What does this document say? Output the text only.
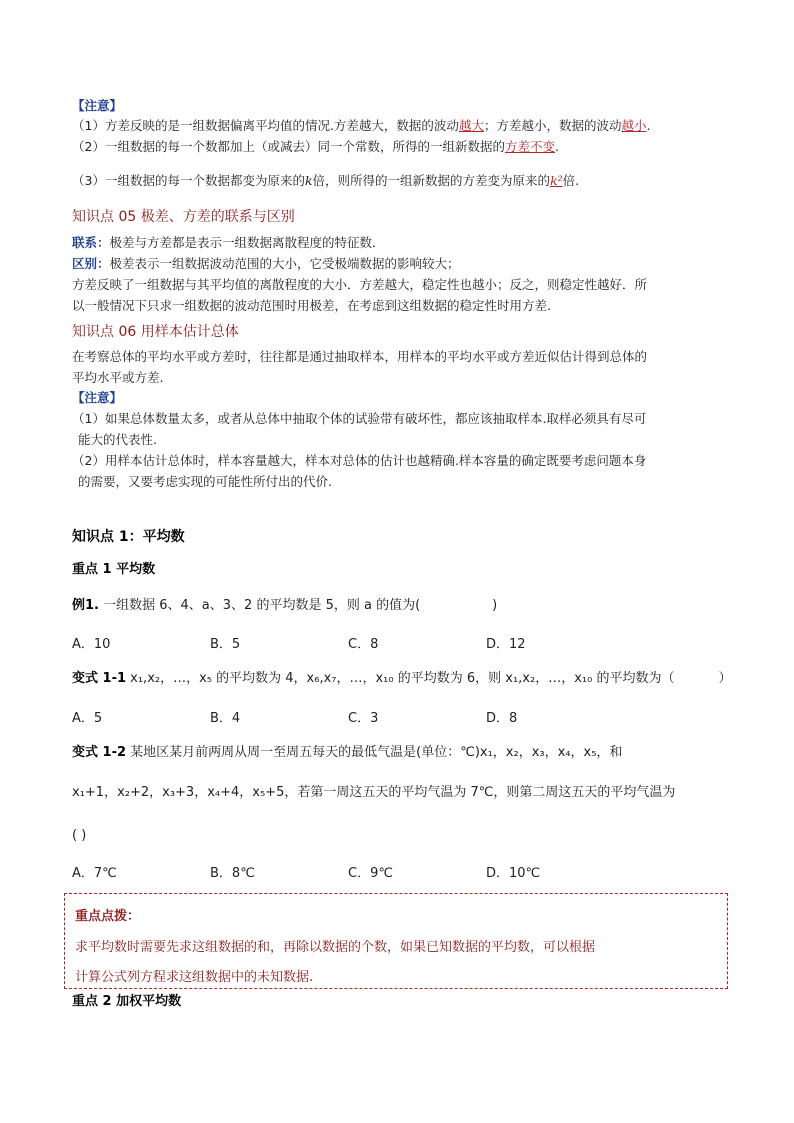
【注意】
（1）方差反映的是一组数据偏离平均值的情况.方差越大，数据的波动越大；方差越小，数据的波动越小.
（2）一组数据的每一个数都加上（或减去）同一个常数，所得的一组新数据的方差不变.
（3）一组数据的每一个数据都变为原来的k倍，则所得的一组新数据的方差变为原来的k²倍.
知识点 05 极差、方差的联系与区别
联系：极差与方差都是表示一组数据离散程度的特征数．
区别：极差表示一组数据波动范围的大小，它受极端数据的影响较大；
方差反映了一组数据与其平均值的离散程度的大小．方差越大，稳定性也越小；反之，则稳定性越好．所
以一般情况下只求一组数据的波动范围时用极差，在考虑到这组数据的稳定性时用方差.
知识点 06 用样本估计总体
在考察总体的平均水平或方差时，往往都是通过抽取样本，用样本的平均水平或方差近似估计得到总体的
平均水平或方差.
【注意】
（1）如果总体数量太多，或者从总体中抽取个体的试验带有破坏性，都应该抽取样本.取样必须具有尽可
能大的代表性.
（2）用样本估计总体时，样本容量越大，样本对总体的估计也越精确.样本容量的确定既要考虑问题本身
的需要，又要考虑实现的可能性所付出的代价.
知识点 1：平均数
重点 1 平均数
例1. 一组数据 6、4、a、3、2 的平均数是 5，则 a 的值为(	)
A．10	B．5	C．8	D．12
变式 1-1 x₁,x₂，…，x₅ 的平均数为 4，x₆,x₇，…，x₁₀ 的平均数为 6，则 x₁,x₂，…，x₁₀ 的平均数为（	）
A．5	B．4	C．3	D．8
变式 1-2 某地区某月前两周从周一至周五每天的最低气温是(单位：℃)x₁，x₂，x₃，x₄，x₅，和
x₁+1，x₂+2，x₃+3，x₄+4，x₅+5，若第一周这五天的平均气温为 7℃，则第二周这五天的平均气温为
( )
A．7℃	B．8℃	C．9℃	D．10℃
重点点拨：
求平均数时需要先求这组数据的和，再除以数据的个数，如果已知数据的平均数，可以根据
计算公式列方程求这组数据中的未知数据.
重点 2 加权平均数
